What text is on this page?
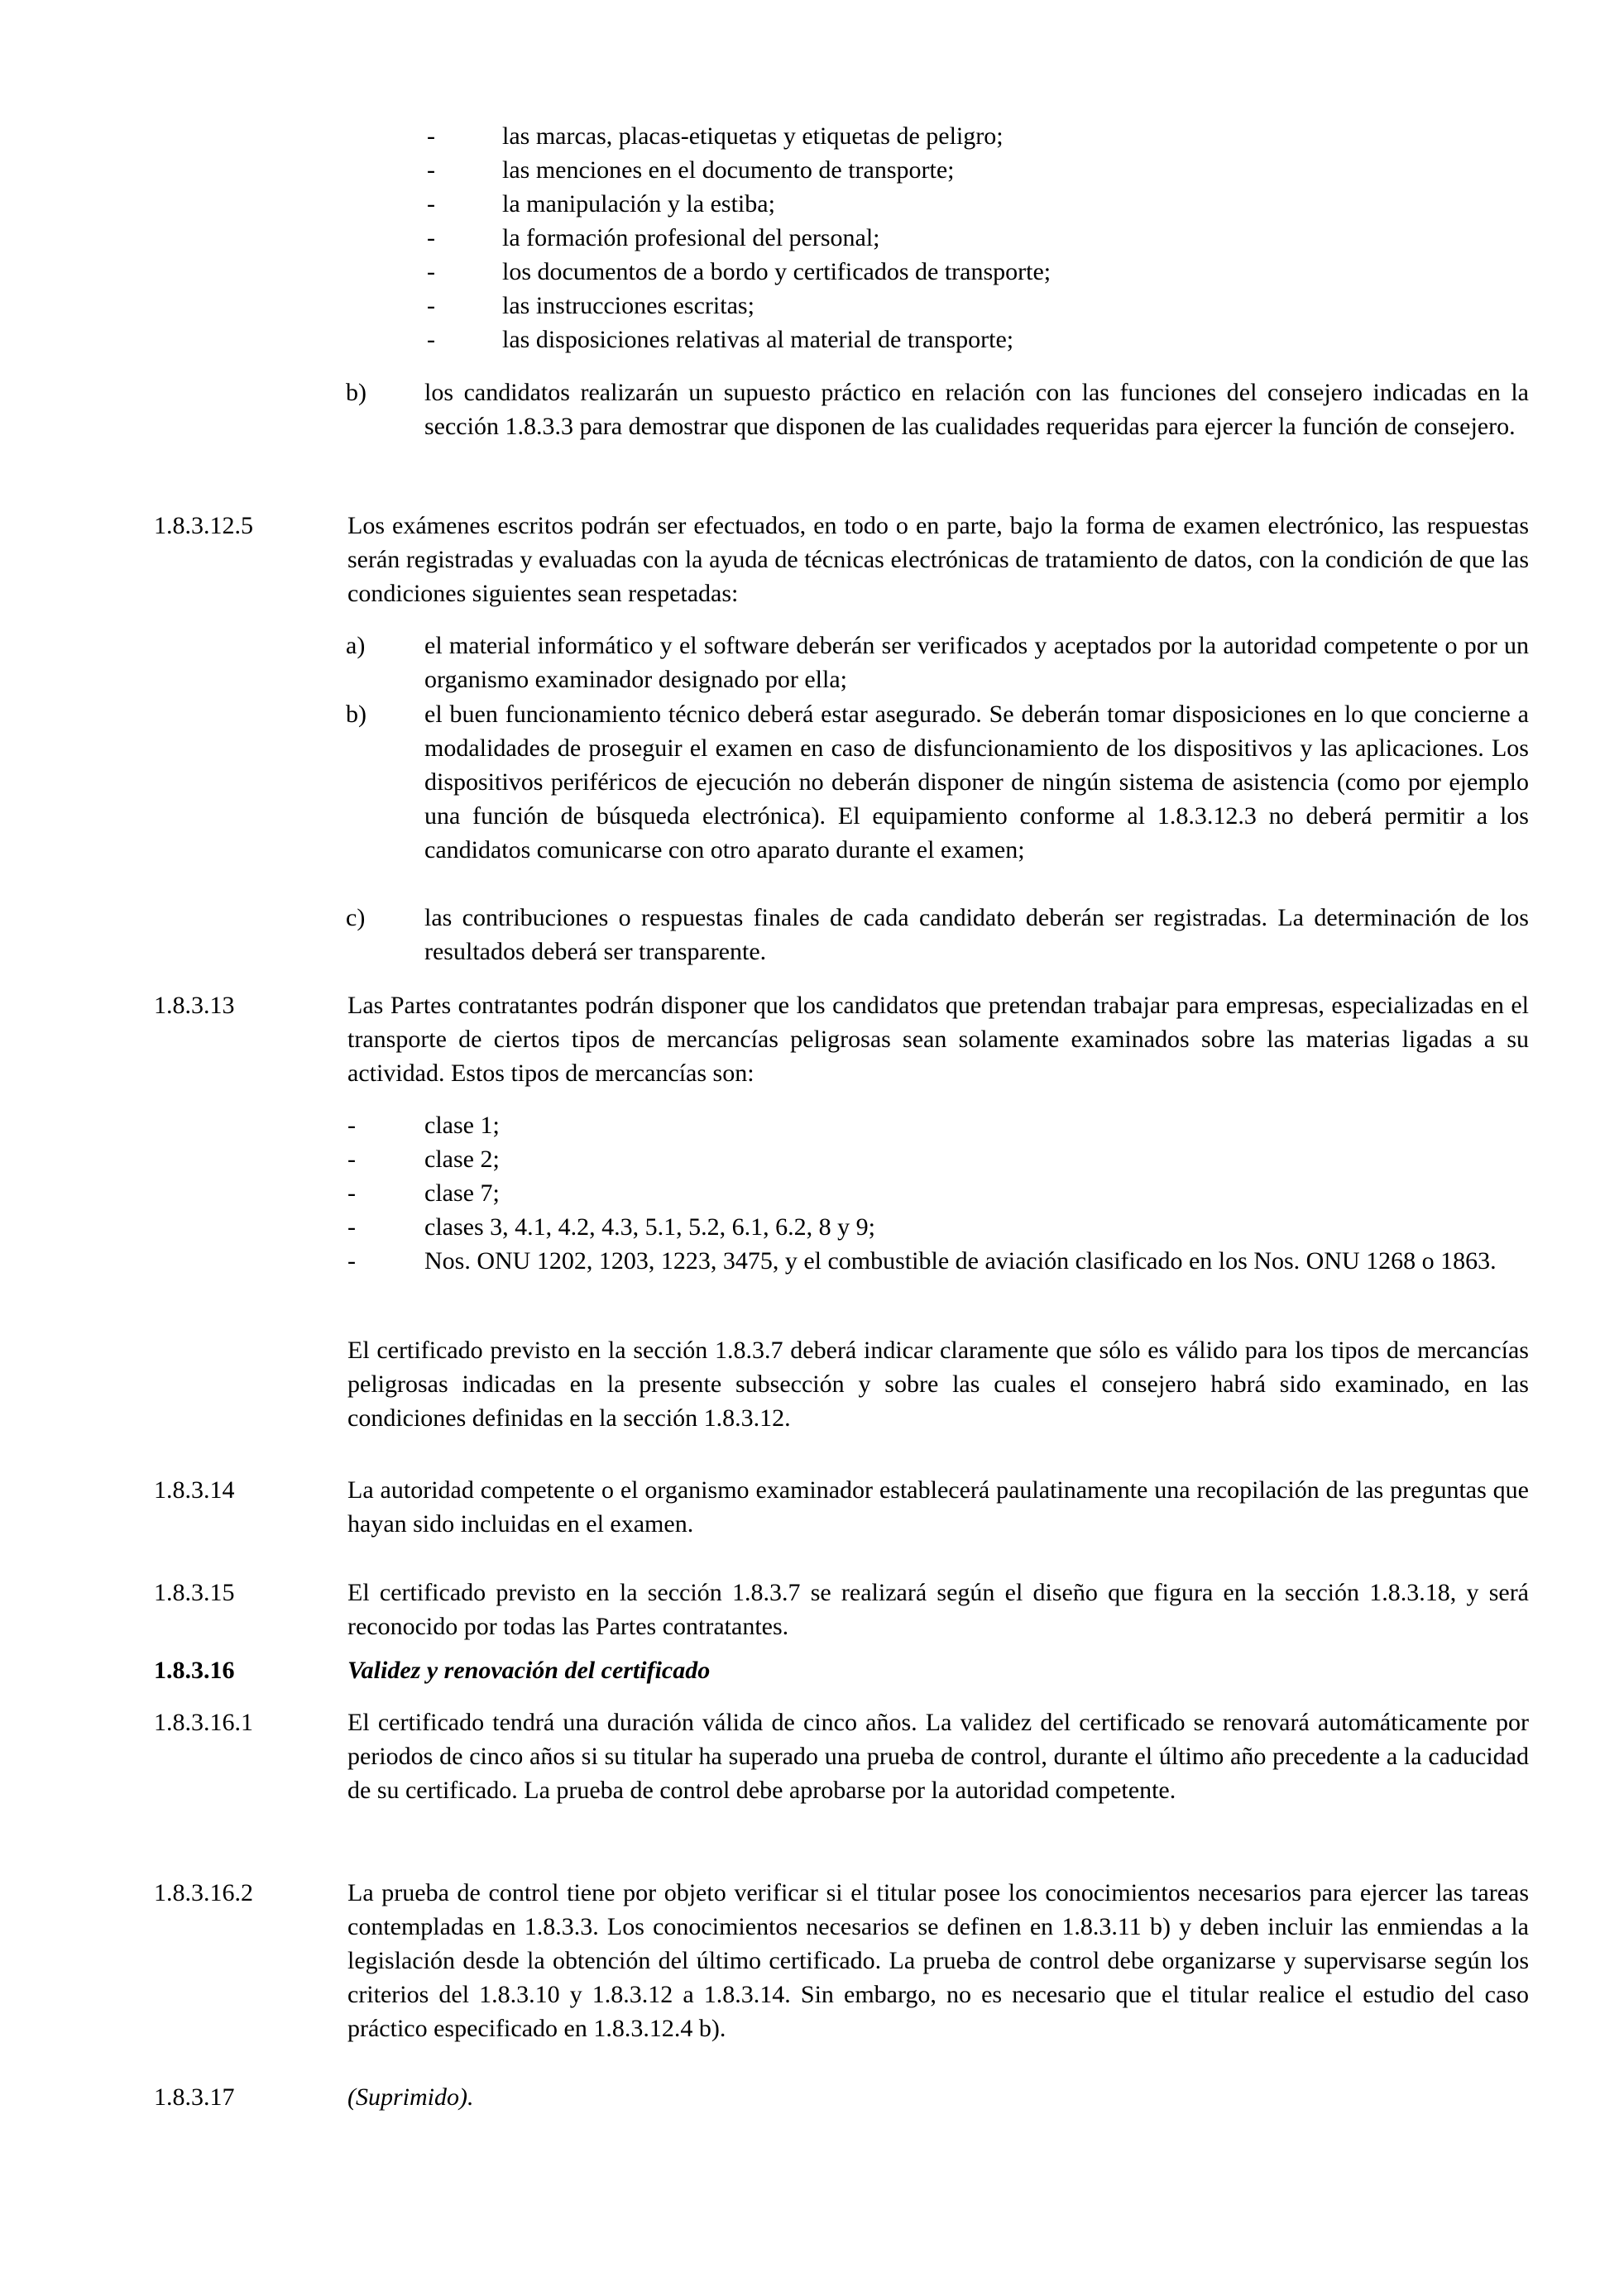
-	las marcas, placas-etiquetas y etiquetas de peligro;
-	las menciones en el documento de transporte;
-	la manipulación y la estiba;
-	la formación profesional del personal;
-	los documentos de a bordo y certificados de transporte;
-	las instrucciones escritas;
-	las disposiciones relativas al material de transporte;
b) los candidatos realizarán un supuesto práctico en relación con las funciones del consejero indicadas en la sección 1.8.3.3 para demostrar que disponen de las cualidades requeridas para ejercer la función de consejero.
1.8.3.12.5	Los exámenes escritos podrán ser efectuados, en todo o en parte, bajo la forma de examen electrónico, las respuestas serán registradas y evaluadas con la ayuda de técnicas electrónicas de tratamiento de datos, con la condición de que las condiciones siguientes sean respetadas:
a) el material informático y el software deberán ser verificados y aceptados por la autoridad competente o por un organismo examinador designado por ella;
b) el buen funcionamiento técnico deberá estar asegurado. Se deberán tomar disposiciones en lo que concierne a modalidades de proseguir el examen en caso de disfuncionamiento de los dispositivos y las aplicaciones. Los dispositivos periféricos de ejecución no deberán disponer de ningún sistema de asistencia (como por ejemplo una función de búsqueda electrónica). El equipamiento conforme al 1.8.3.12.3 no deberá permitir a los candidatos comunicarse con otro aparato durante el examen;
c) las contribuciones o respuestas finales de cada candidato deberán ser registradas. La determinación de los resultados deberá ser transparente.
1.8.3.13	Las Partes contratantes podrán disponer que los candidatos que pretendan trabajar para empresas, especializadas en el transporte de ciertos tipos de mercancías peligrosas sean solamente examinados sobre las materias ligadas a su actividad. Estos tipos de mercancías son:
-	clase 1;
-	clase 2;
-	clase 7;
-	clases 3, 4.1, 4.2, 4.3, 5.1, 5.2, 6.1, 6.2, 8 y 9;
-	Nos. ONU 1202, 1203, 1223, 3475, y el combustible de aviación clasificado en los Nos. ONU 1268 o 1863.
El certificado previsto en la sección 1.8.3.7 deberá indicar claramente que sólo es válido para los tipos de mercancías peligrosas indicadas en la presente subsección y sobre las cuales el consejero habrá sido examinado, en las condiciones definidas en la sección 1.8.3.12.
1.8.3.14	La autoridad competente o el organismo examinador establecerá paulatinamente una recopilación de las preguntas que hayan sido incluidas en el examen.
1.8.3.15	El certificado previsto en la sección 1.8.3.7 se realizará según el diseño que figura en la sección 1.8.3.18, y será reconocido por todas las Partes contratantes.
1.8.3.16	Validez y renovación del certificado
1.8.3.16.1	El certificado tendrá una duración válida de cinco años. La validez del certificado se renovará automáticamente por periodos de cinco años si su titular ha superado una prueba de control, durante el último año precedente a la caducidad de su certificado. La prueba de control debe aprobarse por la autoridad competente.
1.8.3.16.2	La prueba de control tiene por objeto verificar si el titular posee los conocimientos necesarios para ejercer las tareas contempladas en 1.8.3.3. Los conocimientos necesarios se definen en 1.8.3.11 b) y deben incluir las enmiendas a la legislación desde la obtención del último certificado. La prueba de control debe organizarse y supervisarse según los criterios del 1.8.3.10 y 1.8.3.12 a 1.8.3.14. Sin embargo, no es necesario que el titular realice el estudio del caso práctico especificado en 1.8.3.12.4 b).
1.8.3.17	(Suprimido).
